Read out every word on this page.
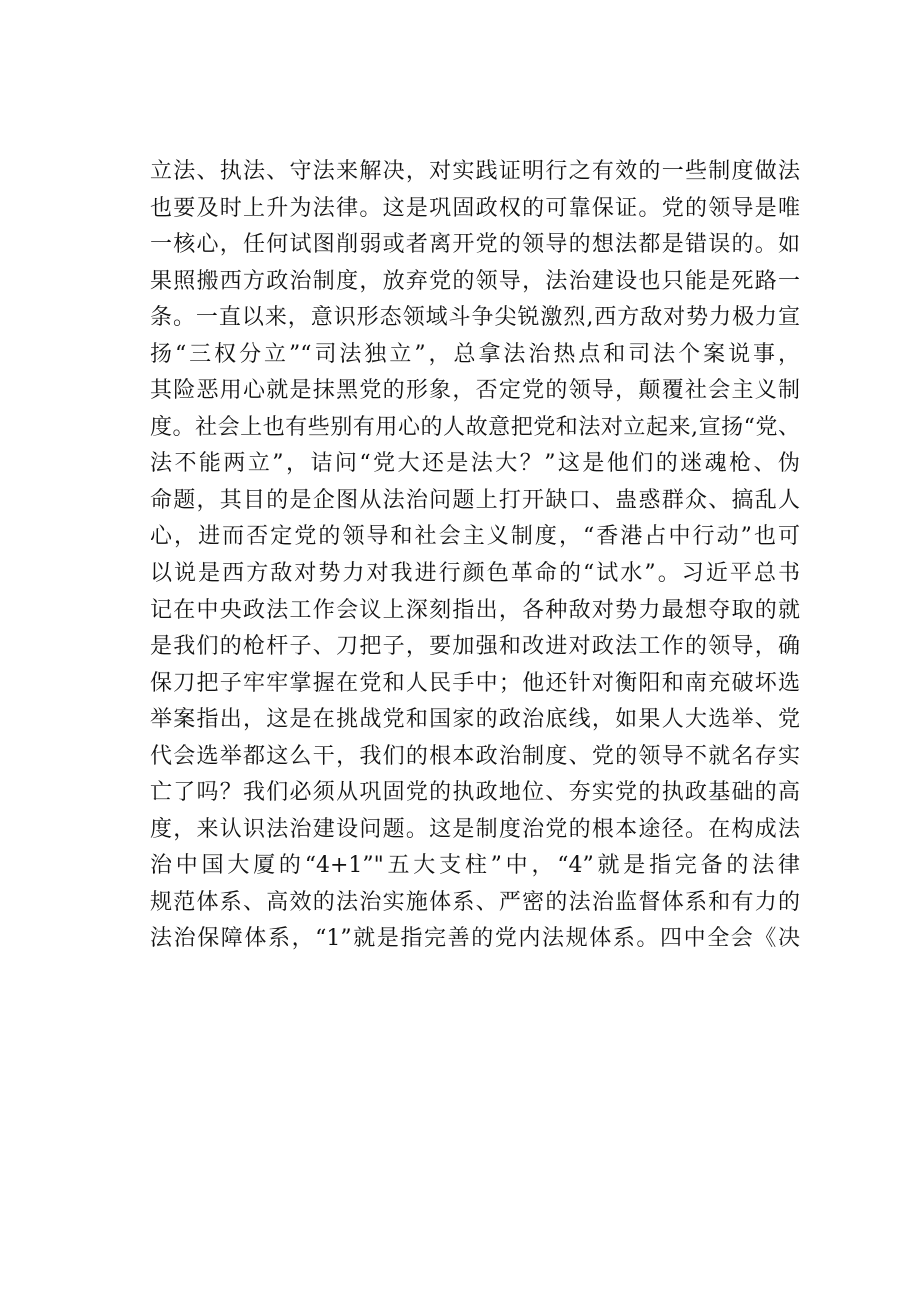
立法、执法、守法来解决，对实践证明行之有效的一些制度做法
也要及时上升为法律。这是巩固政权的可靠保证。党的领导是唯
一核心，任何试图削弱或者离开党的领导的想法都是错误的。如
果照搬西方政治制度，放弃党的领导，法治建设也只能是死路一
条。一直以来，意识形态领域斗争尖锐激烈,西方敌对势力极力宣
扬“三权分立”“司法独立”，总拿法治热点和司法个案说事，
其险恶用心就是抹黑党的形象，否定党的领导，颠覆社会主义制
度。社会上也有些别有用心的人故意把党和法对立起来,宣扬“党、
法不能两立”，诘问“党大还是法大？”这是他们的迷魂枪、伪
命题，其目的是企图从法治问题上打开缺口、蛊惑群众、搞乱人
心，进而否定党的领导和社会主义制度，“香港占中行动”也可
以说是西方敌对势力对我进行颜色革命的“试水”。习近平总书
记在中央政法工作会议上深刻指出，各种敌对势力最想夺取的就
是我们的枪杆子、刀把子，要加强和改进对政法工作的领导，确
保刀把子牢牢掌握在党和人民手中；他还针对衡阳和南充破坏选
举案指出，这是在挑战党和国家的政治底线，如果人大选举、党
代会选举都这么干，我们的根本政治制度、党的领导不就名存实
亡了吗？我们必须从巩固党的执政地位、夯实党的执政基础的高
度，来认识法治建设问题。这是制度治党的根本途径。在构成法
治中国大厦的“4+1”"五大支柱”中，“4”就是指完备的法律
规范体系、高效的法治实施体系、严密的法治监督体系和有力的
法治保障体系，“1”就是指完善的党内法规体系。四中全会《决
